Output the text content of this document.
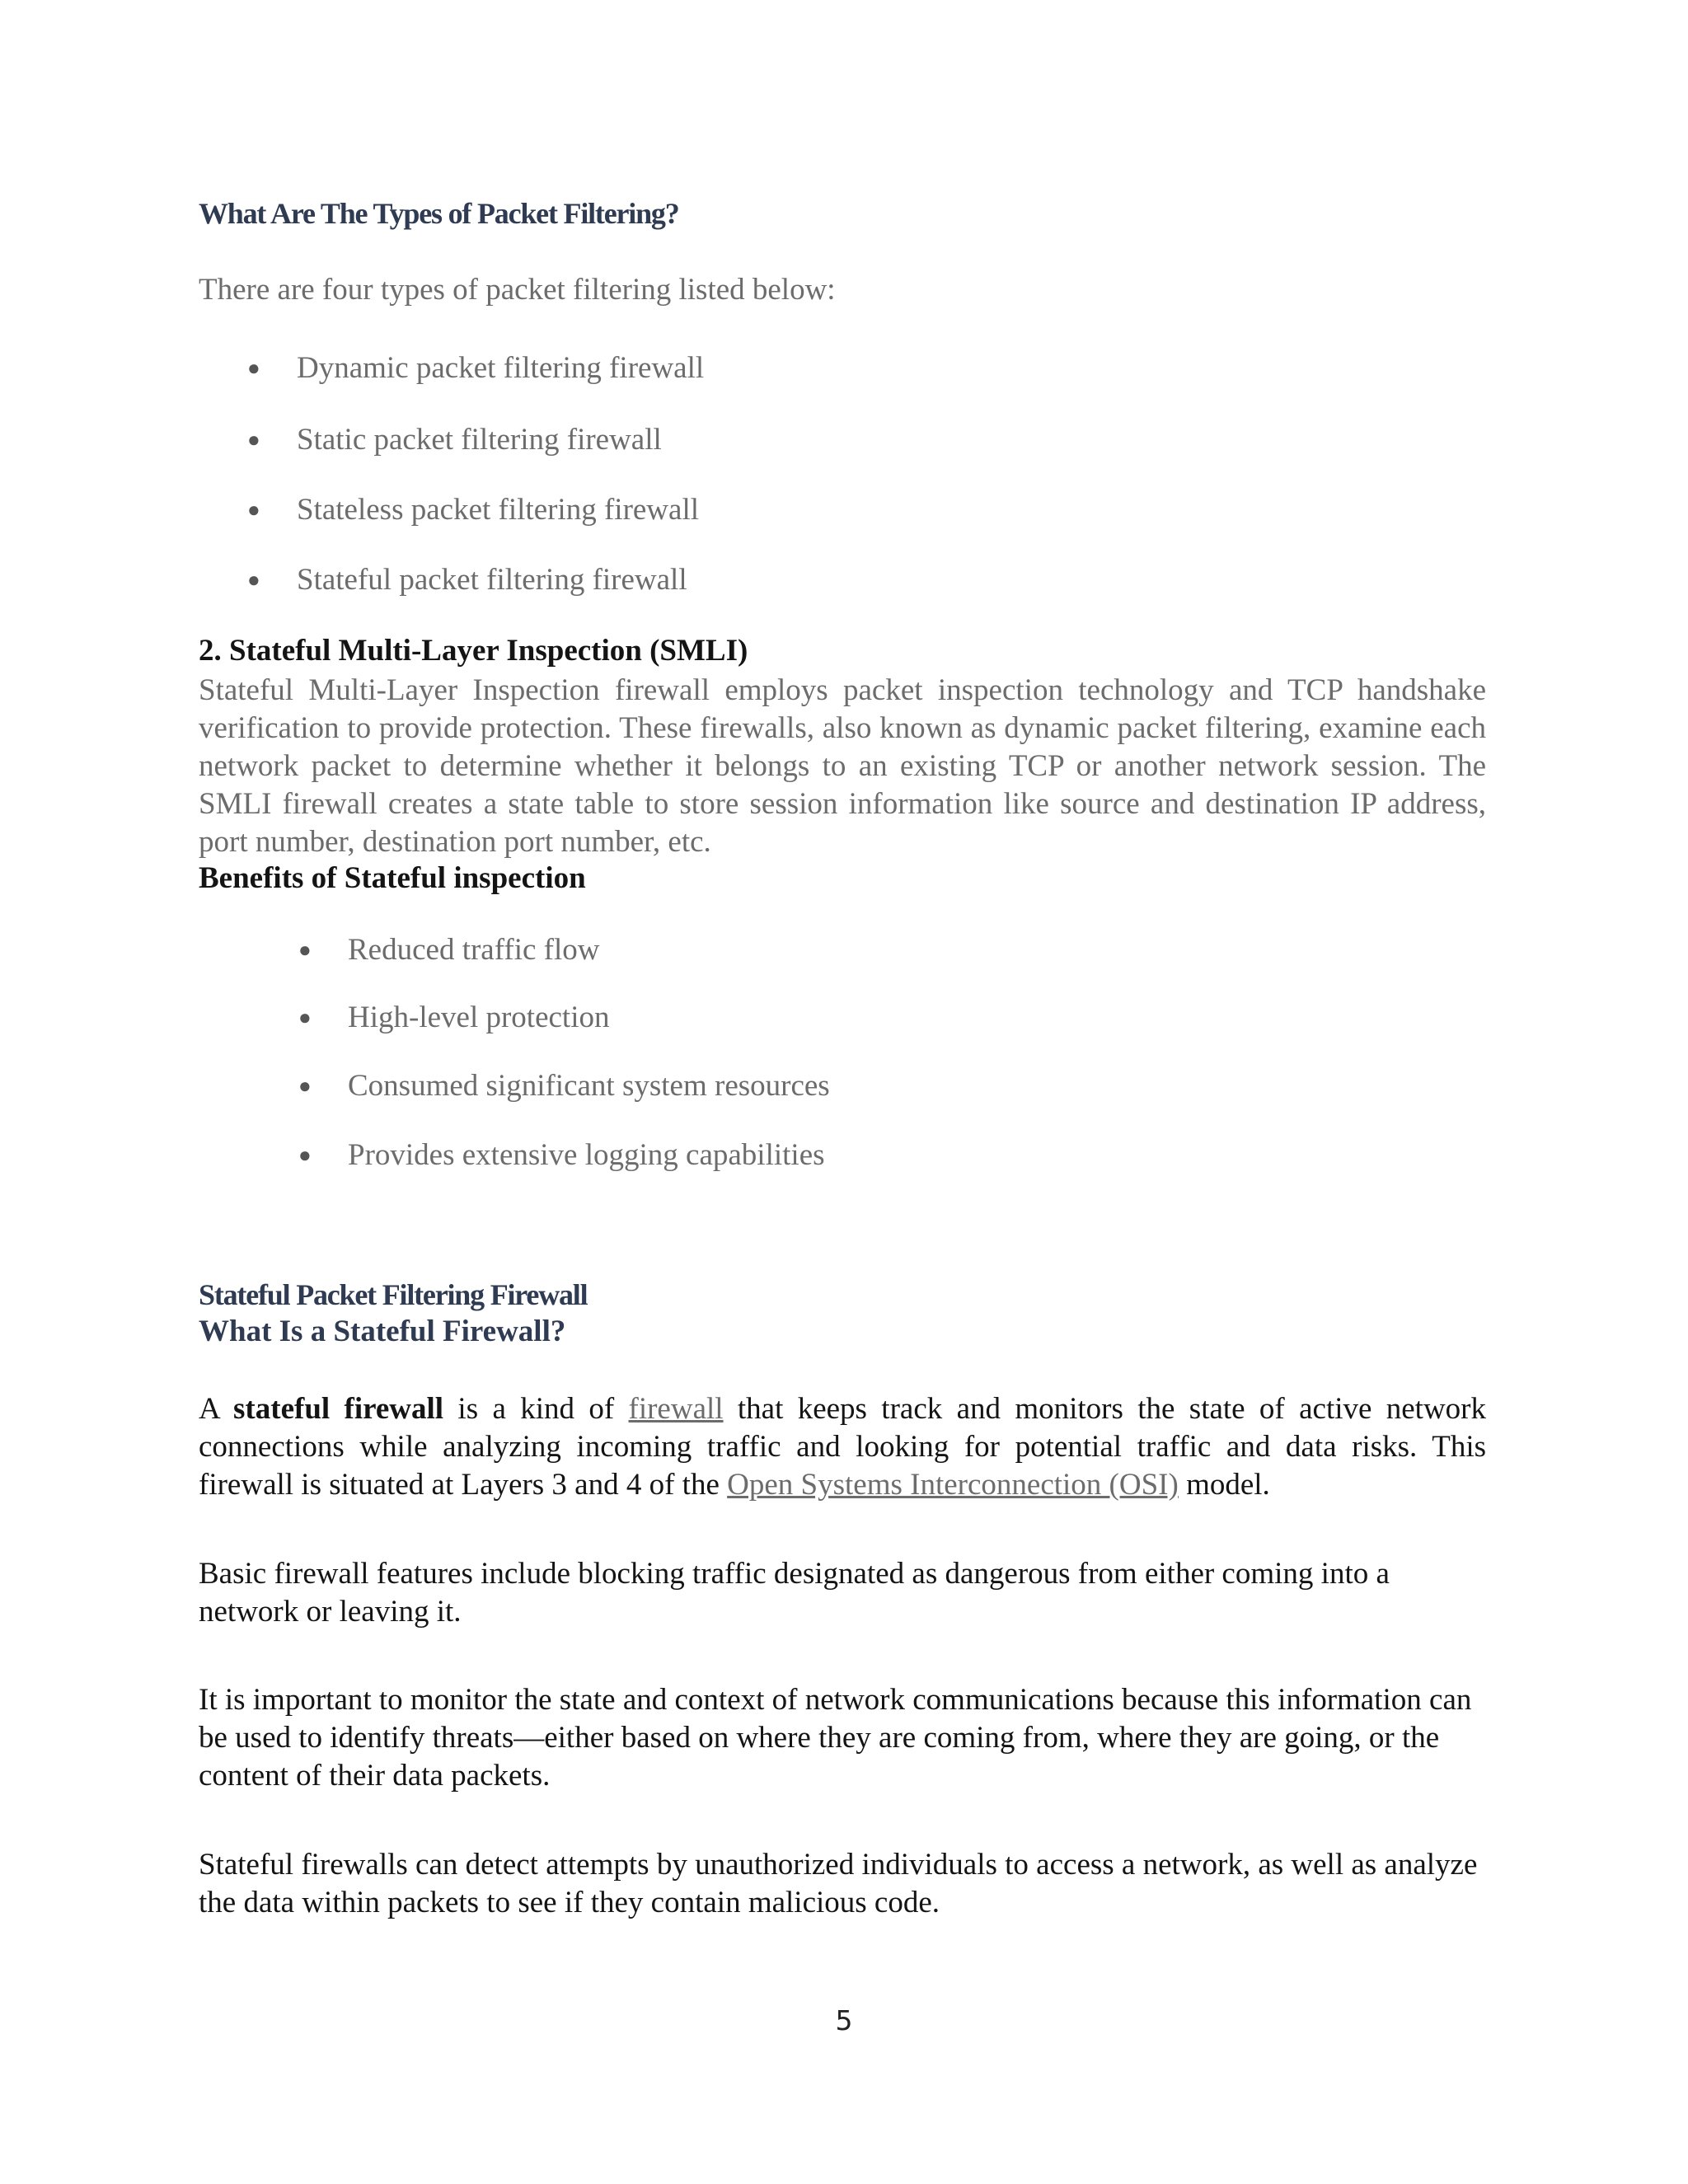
What Are The Types of Packet Filtering?
There are four types of packet filtering listed below:
● Dynamic packet filtering firewall
● Static packet filtering firewall
● Stateless packet filtering firewall
● Stateful packet filtering firewall
2. Stateful Multi-Layer Inspection (SMLI)
Stateful Multi-Layer Inspection firewall employs packet inspection technology and TCP handshake verification to provide protection. These firewalls, also known as dynamic packet filtering, examine each network packet to determine whether it belongs to an existing TCP or another network session. The SMLI firewall creates a state table to store session information like source and destination IP address, port number, destination port number, etc.
Benefits of Stateful inspection
● Reduced traffic flow
● High-level protection
● Consumed significant system resources
● Provides extensive logging capabilities
Stateful Packet Filtering Firewall
What Is a Stateful Firewall?
A stateful firewall is a kind of firewall that keeps track and monitors the state of active network connections while analyzing incoming traffic and looking for potential traffic and data risks. This firewall is situated at Layers 3 and 4 of the Open Systems Interconnection (OSI) model.
Basic firewall features include blocking traffic designated as dangerous from either coming into a network or leaving it.
It is important to monitor the state and context of network communications because this information can be used to identify threats—either based on where they are coming from, where they are going, or the content of their data packets.
Stateful firewalls can detect attempts by unauthorized individuals to access a network, as well as analyze the data within packets to see if they contain malicious code.
5
